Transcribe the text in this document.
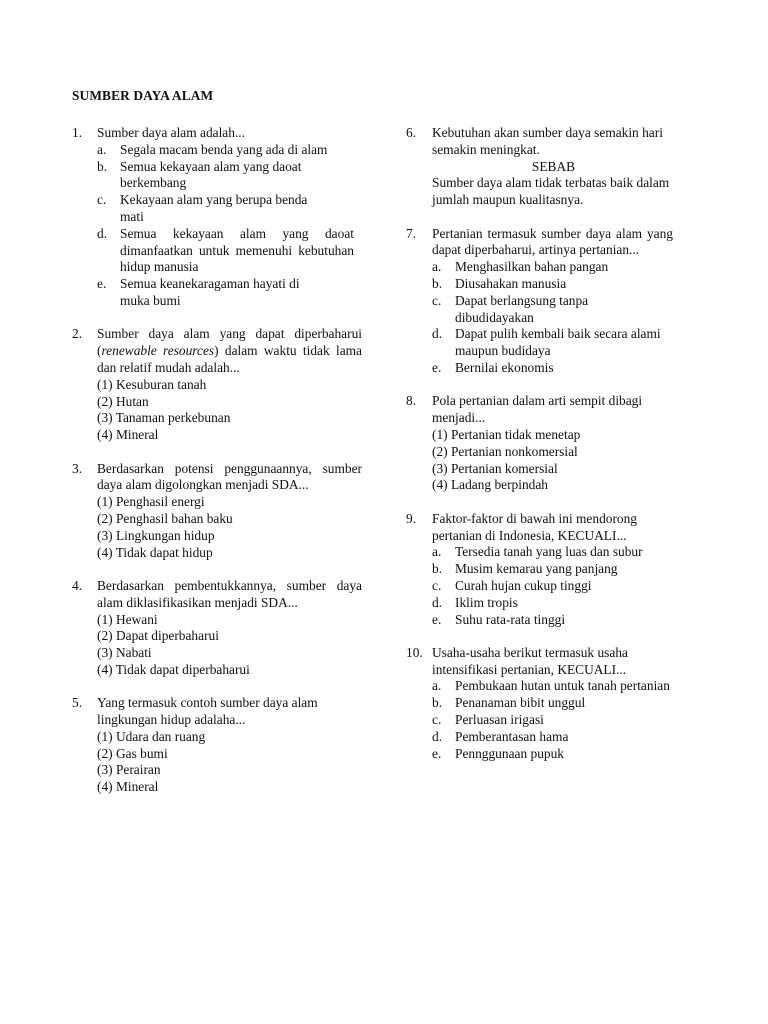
SUMBER DAYA ALAM
1.	Sumber daya alam adalah...
a.	Segala macam benda yang ada di alam
b. Semua kekayaan alam yang daoat berkembang
c.	Kekayaan alam yang berupa benda mati
d. Semua kekayaan alam yang daoat dimanfaatkan untuk memenuhi kebutuhan hidup manusia
e.	Semua keanekaragaman hayati di muka bumi
2.	Sumber daya alam yang dapat diperbaharui (renewable resources) dalam waktu tidak lama dan relatif mudah adalah...
(1) Kesuburan tanah
(2) Hutan
(3) Tanaman perkebunan
(4) Mineral
3.	Berdasarkan potensi penggunaannya, sumber daya alam digolongkan menjadi SDA...
(1) Penghasil energi
(2) Penghasil bahan baku
(3) Lingkungan hidup
(4) Tidak dapat hidup
4.	Berdasarkan pembentukkannya, sumber daya alam diklasifikasikan menjadi SDA...
(1) Hewani
(2) Dapat diperbaharui
(3) Nabati
(4) Tidak dapat diperbaharui
5.	Yang termasuk contoh sumber daya alam lingkungan hidup adalaha...
(1) Udara dan ruang
(2) Gas bumi
(3) Perairan
(4) Mineral
6.	Kebutuhan akan sumber daya semakin hari semakin meningkat.
SEBAB
Sumber daya alam tidak terbatas baik dalam jumlah maupun kualitasnya.
7.	Pertanian termasuk sumber daya alam yang dapat diperbaharui, artinya pertanian...
a.	Menghasilkan bahan pangan
b. Diusahakan manusia
c.	Dapat berlangsung tanpa dibudidayakan
d. Dapat pulih kembali baik secara alami maupun budidaya
e.	Bernilai ekonomis
8.	Pola pertanian dalam arti sempit dibagi menjadi...
(1) Pertanian tidak menetap
(2) Pertanian nonkomersial
(3) Pertanian komersial
(4) Ladang berpindah
9.	Faktor-faktor di bawah ini mendorong pertanian di Indonesia, KECUALI...
a.	Tersedia tanah yang luas dan subur
b. Musim kemarau yang panjang
c.	Curah hujan cukup tinggi
d. Iklim tropis
e.	Suhu rata-rata tinggi
10. Usaha-usaha berikut termasuk usaha intensifikasi pertanian, KECUALI...
a.	Pembukaan hutan untuk tanah pertanian
b. Penanaman bibit unggul
c.	Perluasan irigasi
d. Pemberantasan hama
e.	Pennggunaan pupuk
